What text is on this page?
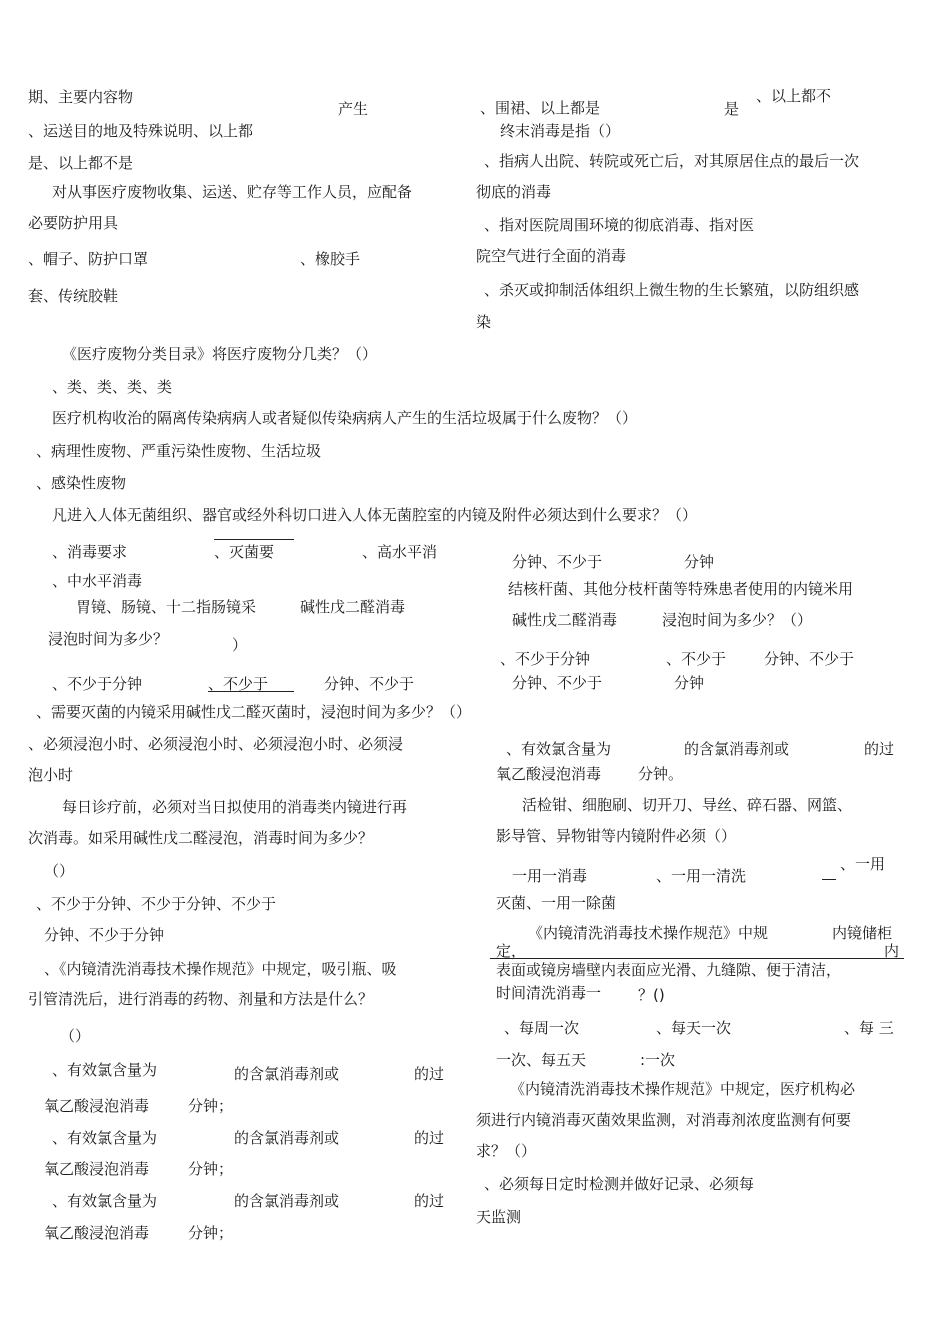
期、主要内容物
产生
、运送目的地及特殊说明、以上都
是、以上都不是
对从事医疗废物收集、运送、贮存等工作人员，应配备
必要防护用具
、帽子、防护口罩	、橡胶手
套、传统胶鞋
《医疗废物分类目录》将医疗废物分几类？（）
、类、类、类、类
医疗机构收治的隔离传染病病人或者疑似传染病病人产生的生活垃圾属于什么废物？（）
、病理性废物、严重污染性废物、生活垃圾
、感染性废物
凡进入人体无菌组织、器官或经外科切口进入人体无菌腔室的内镜及附件必须达到什么要求？（）
、消毒要求	、灭菌要	、高水平消
、中水平消毒
胃镜、肠镜、十二指肠镜采	碱性戊二醛消毒
浸泡时间为多少？	）
、不少于分钟	、不少于	分钟、不少于
、需要灭菌的内镜采用碱性戊二醛灭菌时，浸泡时间为多少？（）
、必须浸泡小时、必须浸泡小时、必须浸泡小时、必须浸
泡小时
每日诊疗前，必须对当日拟使用的消毒类内镜进行再
次消毒。如采用碱性戊二醛浸泡，消毒时间为多少？
（）
、不少于分钟、不少于分钟、不少于
分钟、不少于分钟
、《内镜清洗消毒技术操作规范》中规定，吸引瓶、吸
引管清洗后，进行消毒的药物、剂量和方法是什么？
（）
、有效氯含量为	的含氯消毒剂或	的过
氧乙酸浸泡消毒	分钟；
、有效氯含量为	的含氯消毒剂或	的过
氧乙酸浸泡消毒	分钟；
、有效氯含量为	的含氯消毒剂或	的过
氧乙酸浸泡消毒	分钟；
、以上都不
是
、围裙、以上都是
终末消毒是指（）
、指病人出院、转院或死亡后，对其原居住点的最后一次
彻底的消毒
、指对医院周围环境的彻底消毒、指对医
院空气进行全面的消毒
、杀灭或抑制活体组织上微生物的生长繁殖，以防组织感
染
分钟、不少于	分钟
结核杆菌、其他分枝杆菌等特殊患者使用的内镜米用
碱性戊二醛消毒	浸泡时间为多少？（）
、不少于分钟	、不少于	分钟、不少于
分钟、不少于	分钟
、有效氯含量为	的含氯消毒剂或	的过
氧乙酸浸泡消毒 分钟。
活检钳、细胞刷、切开刀、导丝、碎石器、网篮、
影导管、异物钳等内镜附件必须（）
、一用
一用一消毒	、一用一清洗
灭菌、一用一除菌
《内镜清洗消毒技术操作规范》中规	内镜储柜
定，	内
表面或镜房墙壁内表面应光滑、九缝隙、便于清洁，
时间清洗消毒一 ？()
、每周一次	、每天一次	、每 三
一次、每五天	:一次
《内镜清洗消毒技术操作规范》中规定，医疗机构必
须进行内镜消毒灭菌效果监测，对消毒剂浓度监测有何要
求？（）
、必须每日定时检测并做好记录、必须每
天监测
